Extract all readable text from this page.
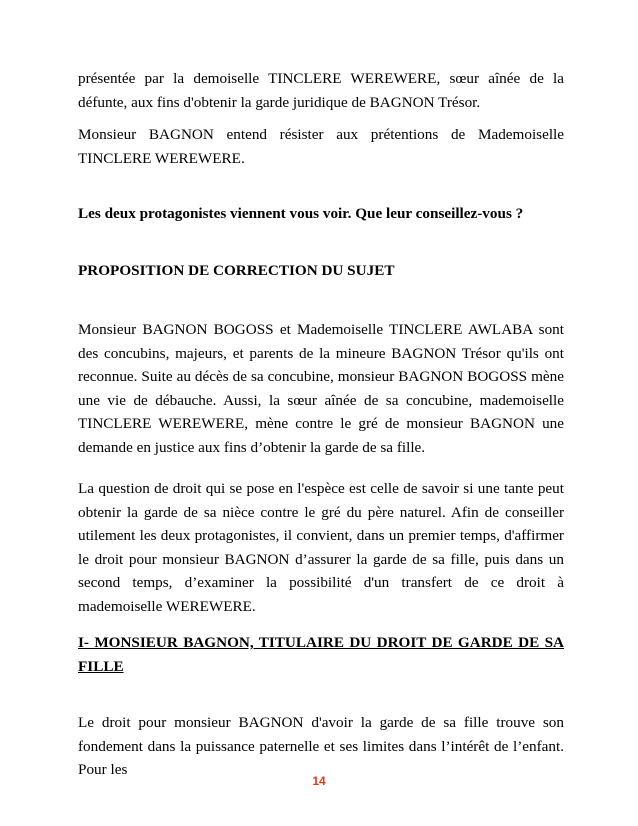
présentée par la demoiselle TINCLERE WEREWERE, sœur aînée de la défunte, aux fins d'obtenir la garde juridique de BAGNON Trésor.

Monsieur BAGNON entend résister aux prétentions de Mademoiselle TINCLERE WEREWERE.

Les deux protagonistes viennent vous voir. Que leur conseillez-vous ?

PROPOSITION DE CORRECTION DU SUJET

Monsieur BAGNON BOGOSS et Mademoiselle TINCLERE AWLABA sont des concubins, majeurs, et parents de la mineure BAGNON Trésor qu'ils ont reconnue. Suite au décès de sa concubine, monsieur BAGNON BOGOSS mène une vie de débauche. Aussi, la sœur aînée de sa concubine, mademoiselle TINCLERE WEREWERE, mène contre le gré de monsieur BAGNON une demande en justice aux fins d’obtenir la garde de sa fille.

La question de droit qui se pose en l'espèce est celle de savoir si une tante peut obtenir la garde de sa nièce contre le gré du père naturel. Afin de conseiller utilement les deux protagonistes, il convient, dans un premier temps, d'affirmer le droit pour monsieur BAGNON d’assurer la garde de sa fille, puis dans un second temps, d’examiner la possibilité d'un transfert de ce droit à mademoiselle WEREWERE.

I- MONSIEUR BAGNON, TITULAIRE DU DROIT DE GARDE DE SA FILLE

Le droit pour monsieur BAGNON d'avoir la garde de sa fille trouve son fondement dans la puissance paternelle et ses limites dans l’intérêt de l’enfant. Pour les

14
